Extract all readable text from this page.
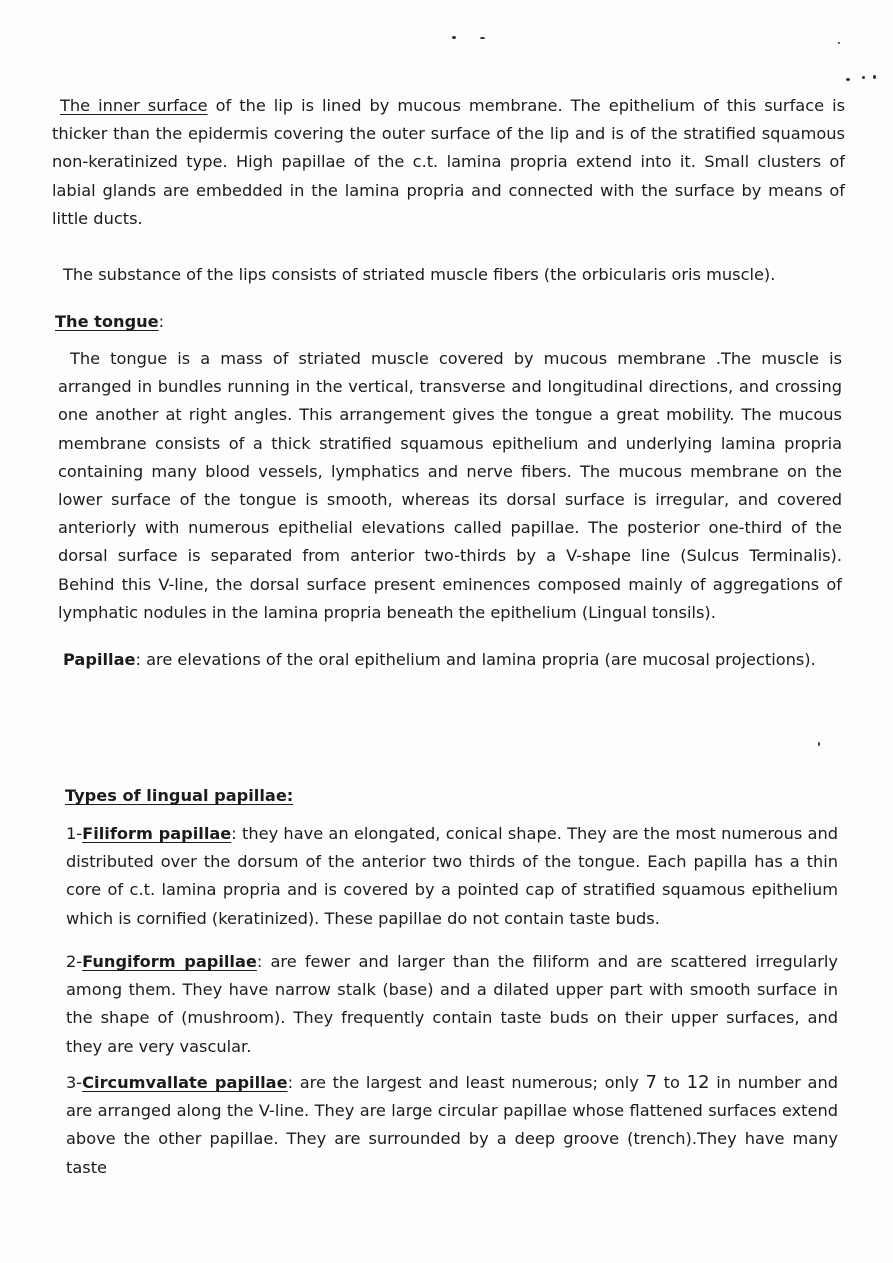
The inner surface of the lip is lined by mucous membrane. The epithelium of this surface is thicker than the epidermis covering the outer surface of the lip and is of the stratified squamous non-keratinized type. High papillae of the c.t. lamina propria extend into it. Small clusters of labial glands are embedded in the lamina propria and connected with the surface by means of little ducts.

The substance of the lips consists of striated muscle fibers (the orbicularis oris muscle).

The tongue:

The tongue is a mass of striated muscle covered by mucous membrane .The muscle is arranged in bundles running in the vertical, transverse and longitudinal directions, and crossing one another at right angles. This arrangement gives the tongue a great mobility. The mucous membrane consists of a thick stratified squamous epithelium and underlying lamina propria containing many blood vessels, lymphatics and nerve fibers. The mucous membrane on the lower surface of the tongue is smooth, whereas its dorsal surface is irregular, and covered anteriorly with numerous epithelial elevations called papillae. The posterior one-third of the dorsal surface is separated from anterior two-thirds by a V-shape line (Sulcus Terminalis). Behind this V-line, the dorsal surface present eminences composed mainly of aggregations of lymphatic nodules in the lamina propria beneath the epithelium (Lingual tonsils).

Papillae: are elevations of the oral epithelium and lamina propria (are mucosal projections).

Types of lingual papillae:

1-Filiform papillae: they have an elongated, conical shape. They are the most numerous and distributed over the dorsum of the anterior two thirds of the tongue. Each papilla has a thin core of c.t. lamina propria and is covered by a pointed cap of stratified squamous epithelium which is cornified (keratinized). These papillae do not contain taste buds.

2-Fungiform papillae: are fewer and larger than the filiform and are scattered irregularly among them. They have narrow stalk (base) and a dilated upper part with smooth surface in the shape of (mushroom). They frequently contain taste buds on their upper surfaces, and they are very vascular.

3-Circumvallate papillae: are the largest and least numerous; only 7 to 12 in number and are arranged along the V-line. They are large circular papillae whose flattened surfaces extend above the other papillae. They are surrounded by a deep groove (trench).They have many taste
